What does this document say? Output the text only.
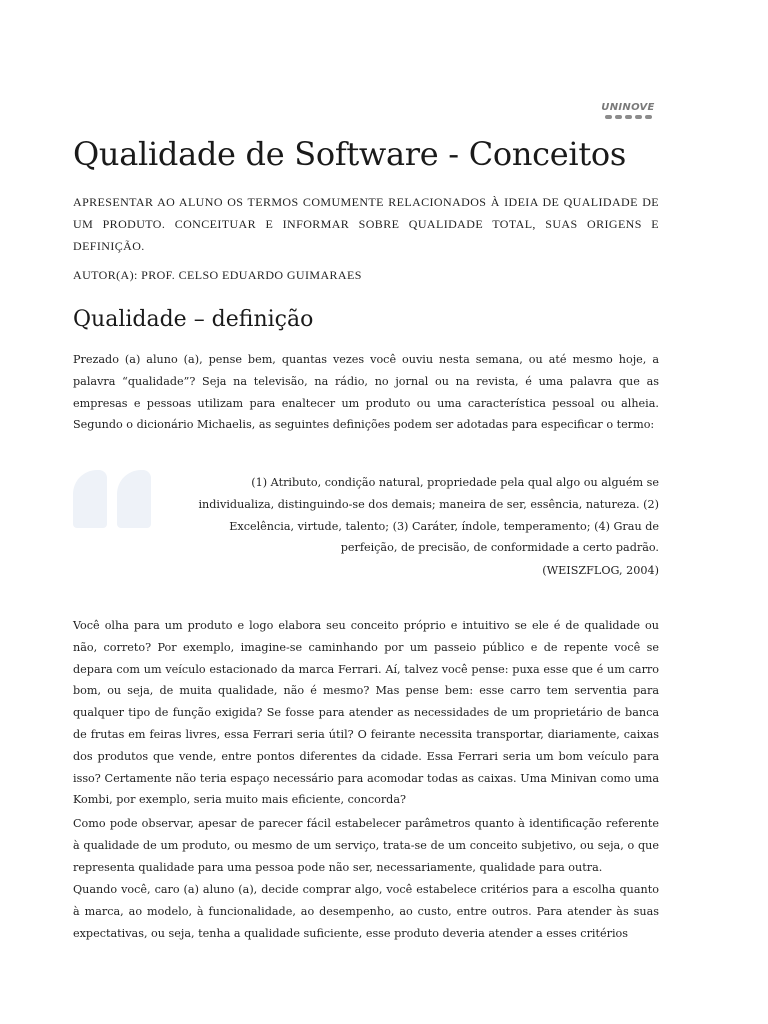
UNINOVE
Qualidade de Software - Conceitos

APRESENTAR AO ALUNO OS TERMOS COMUMENTE RELACIONADOS À IDEIA DE QUALIDADE DE UM PRODUTO. CONCEITUAR E INFORMAR SOBRE QUALIDADE TOTAL, SUAS ORIGENS E DEFINIÇÃO.

AUTOR(A): PROF. CELSO EDUARDO GUIMARAES

Qualidade – definição

Prezado (a) aluno (a), pense bem, quantas vezes você ouviu nesta semana, ou até mesmo hoje, a palavra “qualidade”? Seja na televisão, na rádio, no jornal ou na revista, é uma palavra que as empresas e pessoas utilizam para enaltecer um produto ou uma característica pessoal ou alheia. Segundo o dicionário Michaelis, as seguintes definições podem ser adotadas para especificar o termo:

(1) Atributo, condição natural, propriedade pela qual algo ou alguém se individualiza, distinguindo-se dos demais; maneira de ser, essência, natureza. (2) Excelência, virtude, talento; (3) Caráter, índole, temperamento; (4) Grau de perfeição, de precisão, de conformidade a certo padrão.

(WEISZFLOG, 2004)

Você olha para um produto e logo elabora seu conceito próprio e intuitivo se ele é de qualidade ou não, correto? Por exemplo, imagine-se caminhando por um passeio público e de repente você se depara com um veículo estacionado da marca Ferrari. Aí, talvez você pense: puxa esse que é um carro bom, ou seja, de muita qualidade, não é mesmo? Mas pense bem: esse carro tem serventia para qualquer tipo de função exigida? Se fosse para atender as necessidades de um proprietário de banca de frutas em feiras livres, essa Ferrari seria útil? O feirante necessita transportar, diariamente, caixas dos produtos que vende, entre pontos diferentes da cidade. Essa Ferrari seria um bom veículo para isso? Certamente não teria espaço necessário para acomodar todas as caixas. Uma Minivan como uma Kombi, por exemplo, seria muito mais eficiente, concorda?

Como pode observar, apesar de parecer fácil estabelecer parâmetros quanto à identificação referente à qualidade de um produto, ou mesmo de um serviço, trata-se de um conceito subjetivo, ou seja, o que representa qualidade para uma pessoa pode não ser, necessariamente, qualidade para outra.

Quando você, caro (a) aluno (a), decide comprar algo, você estabelece critérios para a escolha quanto à marca, ao modelo, à funcionalidade, ao desempenho, ao custo, entre outros. Para atender às suas expectativas, ou seja, tenha a qualidade suficiente, esse produto deveria atender a esses critérios
